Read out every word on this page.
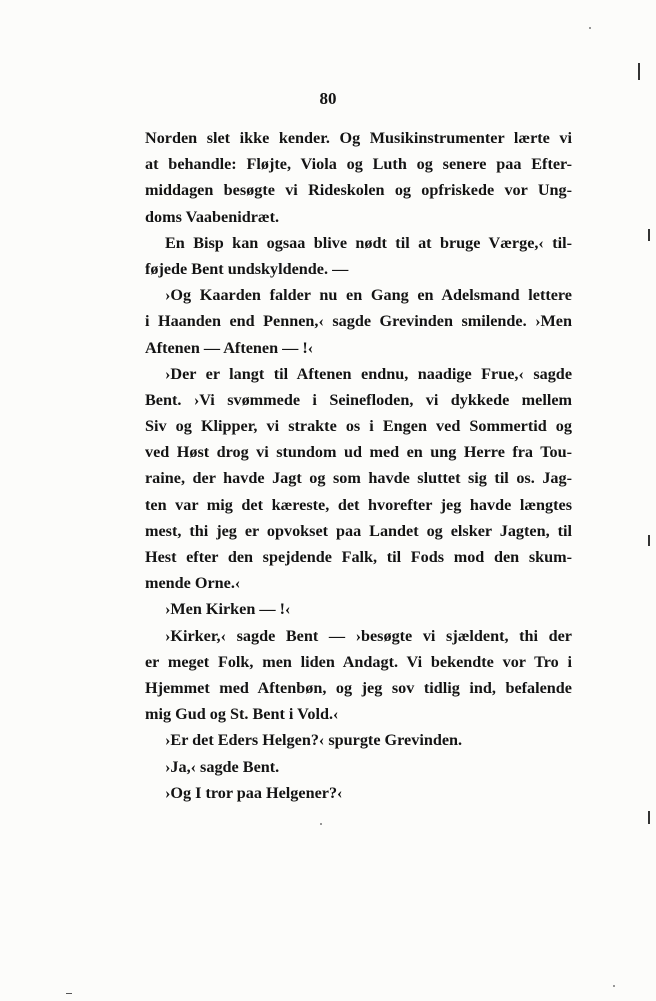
80
Norden slet ikke kender. Og Musikinstrumenter lærte vi
at behandle: Fløjte, Viola og Luth og senere paa Efter-
middagen besøgte vi Rideskolen og opfriskede vor Ung-
doms Vaabenidræt.
En Bisp kan ogsaa blive nødt til at bruge Værge,‹ til-
føjede Bent undskyldende. —
›Og Kaarden falder nu en Gang en Adelsmand lettere
i Haanden end Pennen,‹ sagde Grevinden smilende. ›Men
Aftenen — Aftenen — !‹
›Der er langt til Aftenen endnu, naadige Frue,‹ sagde
Bent. ›Vi svømmede i Seinefloden, vi dykkede mellem
Siv og Klipper, vi strakte os i Engen ved Sommertid og
ved Høst drog vi stundom ud med en ung Herre fra Tou-
raine, der havde Jagt og som havde sluttet sig til os. Jag-
ten var mig det kæreste, det hvorefter jeg havde længtes
mest, thi jeg er opvokset paa Landet og elsker Jagten, til
Hest efter den spejdende Falk, til Fods mod den skum-
mende Orne.‹
›Men Kirken — !‹
›Kirker,‹ sagde Bent — ›besøgte vi sjældent, thi der
er meget Folk, men liden Andagt. Vi bekendte vor Tro i
Hjemmet med Aftenbøn, og jeg sov tidlig ind, befalende
mig Gud og St. Bent i Vold.‹
›Er det Eders Helgen?‹ spurgte Grevinden.
›Ja,‹ sagde Bent.
›Og I tror paa Helgener?‹
